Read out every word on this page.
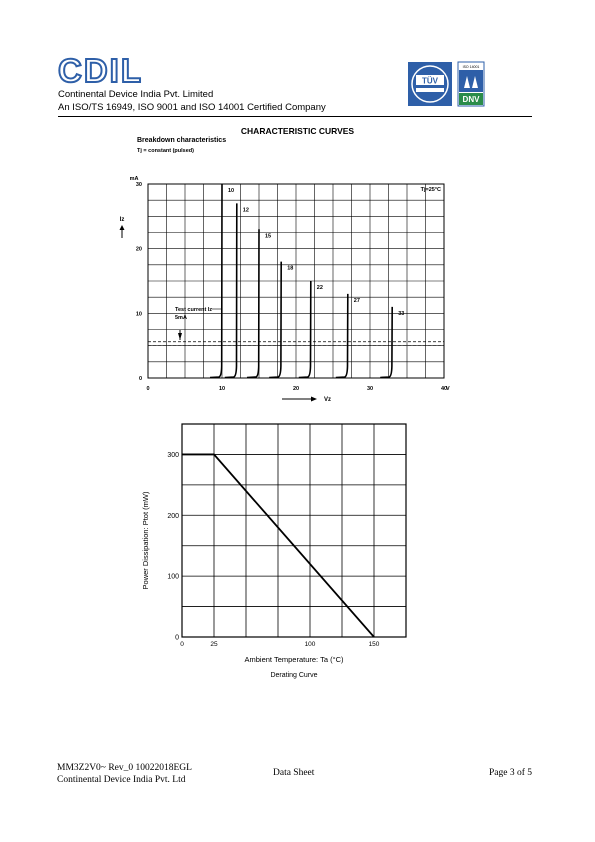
CDIL
Continental Device India Pvt. Limited
An ISO/TS 16949, ISO 9001 and ISO 14001 Certified Company
TÜV
ISO 14001
DNV
CHARACTERISTIC CURVES
Breakdown characteristics
Tj = constant (pulsed)
0
10
20
30
0	10	20	30	40
V
mA
Iz
Vz
Tj=25°C
Test current Iz
5mA
10
12
15
18
22
27
33
0
100
200
300
0	25	100	150
Ambient Temperature: Ta (°C)
Derating Curve
Power Dissipation: Ptot (mW)
MM3Z2V0~ Rev_0 10022018EGL
Continental Device India Pvt. Ltd
Data Sheet	Page 3 of 5
